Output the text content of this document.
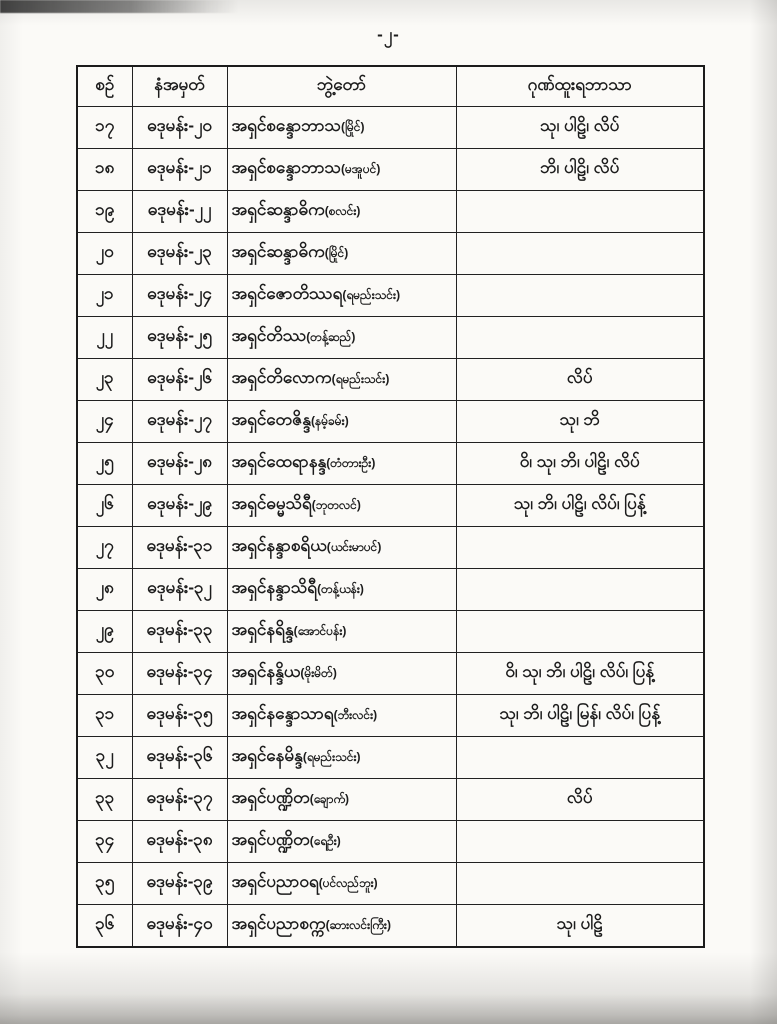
-၂-
စဉ်	နံအမှတ်	ဘွဲ့တော်	ဂုဏ်ထူးရဘာသာ
၁၇	ဓဒုမန်း-၂၀	အရှင်စန္ဒောဘာသ(မြိုင်)	သု၊ ပါဠိ၊ လိပ်
၁၈	ဓဒုမန်း-၂၁	အရှင်စန္ဒောဘာသ(မအူပင်)	ဘိ၊ ပါဠိ၊ လိပ်
၁၉	ဓဒုမန်း-၂၂	အရှင်ဆန္ဒာဓိက(စလင်း)	
၂၀	ဓဒုမန်း-၂၃	အရှင်ဆန္ဒာဓိက(မြိုင်)	
၂၁	ဓဒုမန်း-၂၄	အရှင်ဇောတိဿရ(ရမည်းသင်း)	
၂၂	ဓဒုမန်း-၂၅	အရှင်တိဿ(တန့်ဆည်)	
၂၃	ဓဒုမန်း-၂၆	အရှင်တိလောက(ရမည်းသင်း)	လိပ်
၂၄	ဓဒုမန်း-၂၇	အရှင်တေဇိန္ဒ(နမ့်ခမ်း)	သု၊ ဘိ
၂၅	ဓဒုမန်း-၂၈	အရှင်ထေရာနန္ဒ(တံတားဦး)	ဝိ၊ သု၊ ဘိ၊ ပါဠိ၊ လိပ်
၂၆	ဓဒုမန်း-၂၉	အရှင်ဓမ္မသိရီ(ဘုတလင်)	သု၊ ဘိ၊ ပါဠိ၊ လိပ်၊ ပြန့်
၂၇	ဓဒုမန်း-၃၁	အရှင်နန္ဒာစရိယ(ယင်းမာပင်)	
၂၈	ဓဒုမန်း-၃၂	အရှင်နန္ဒာသိရီ(တန့်ယန်း)	
၂၉	ဓဒုမန်း-၃၃	အရှင်နရိန္ဒ(အောင်ပန်း)	
၃၀	ဓဒုမန်း-၃၄	အရှင်နန္ဒိယ(မိုးမိတ်)	ဝိ၊ သု၊ ဘိ၊ ပါဠိ၊ လိပ်၊ ပြန့်
၃၁	ဓဒုမန်း-၃၅	အရှင်နန္ဒောသာရ(ဘီးလင်း)	သု၊ ဘိ၊ ပါဠိ၊ မြန်၊ လိပ်၊ ပြန့်
၃၂	ဓဒုမန်း-၃၆	အရှင်နေမိန္ဒ(ရမည်းသင်း)	
၃၃	ဓဒုမန်း-၃၇	အရှင်ပဏ္ဍိတ(ချောက်)	လိပ်
၃၄	ဓဒုမန်း-၃၈	အရှင်ပဏ္ဍိတ(ရေဦး)	
၃၅	ဓဒုမန်း-၃၉	အရှင်ပညာဝရ(ပင်လည်ဘူး)	
၃၆	ဓဒုမန်း-၄၀	အရှင်ပညာစက္က(ဆားလင်းကြီး)	သု၊ ပါဠိ
